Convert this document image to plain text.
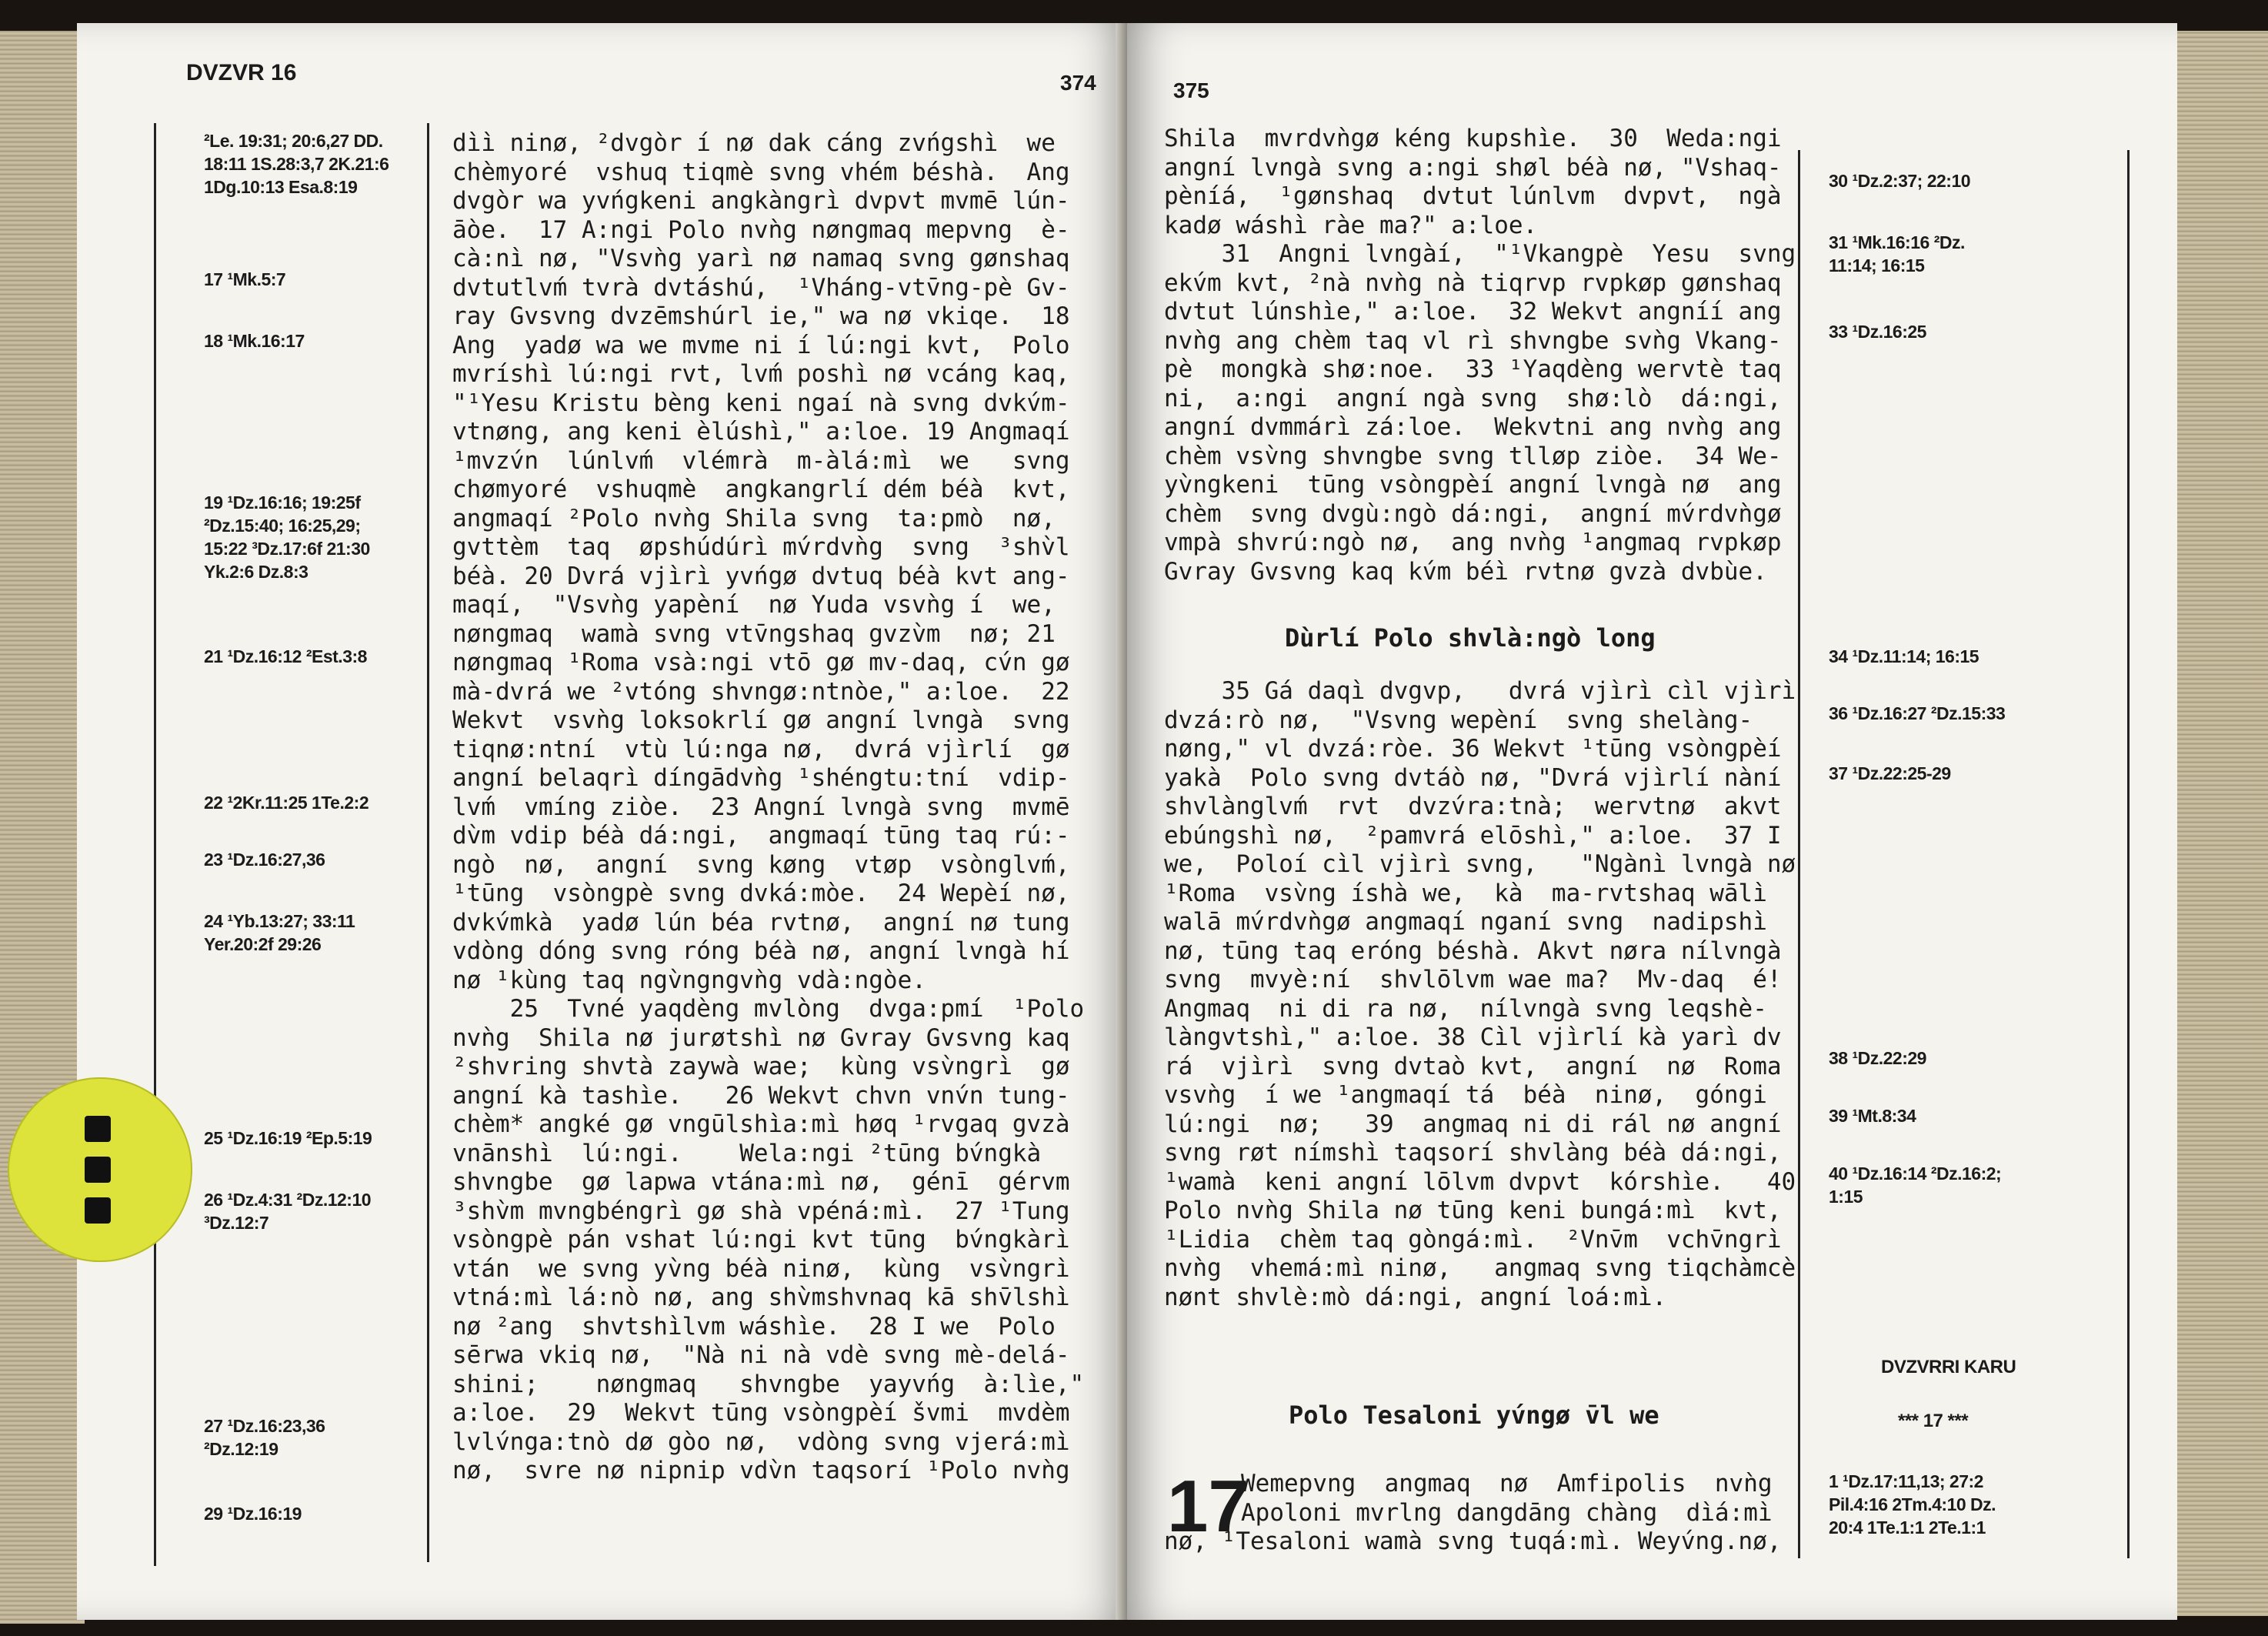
DVZVR 16	374
²Le. 19:31; 20:6,27 DD.
18:11 1S.28:3,7 2K.21:6
1Dg.10:13 Esa.8:19
17 ¹Mk.5:7
18 ¹Mk.16:17
19 ¹Dz.16:16; 19:25f
²Dz.15:40; 16:25,29;
15:22 ³Dz.17:6f 21:30
Yk.2:6 Dz.8:3
21 ¹Dz.16:12 ²Est.3:8
22 ¹2Kr.11:25 1Te.2:2
23 ¹Dz.16:27,36
24 ¹Yb.13:27; 33:11
Yer.20:2f 29:26
25 ¹Dz.16:19 ²Ep.5:19
26 ¹Dz.4:31 ²Dz.12:10
³Dz.12:7
27 ¹Dz.16:23,36
²Dz.12:19
29 ¹Dz.16:19
dìì ninø, ²dvgòr í nø dak cáng zvńgshì  we
chèmyoré  vshuq tiqmè svng vhém béshà.  Ang
dvgòr wa yvńgkeni angkàngrì dvpvt mvmē lún-
āòe.  17 A:ngi Polo nvǹg nøngmaq mepvng  è-
cà:nì nø, "Vsvǹg yarì nø namaq svng gønshaq
dvtutlvḿ tvrà dvtáshú,  ¹Vháng-vtv̄ng-pè Gv-
ray Gvsvng dvzēmshúrl ie," wa nø vkiqe.  18
Ang  yadø wa we mvme ni í lú:ngi kvt,  Polo
mvríshì lú:ngi rvt, lvḿ poshì nø vcáng kaq,
"¹Yesu Kristu bèng keni ngaí nà svng dvkv́m-
vtnøng, ang keni èlúshì," a:loe. 19 Angmaqí
¹mvzv́n  lúnlvḿ  vlémrà  m-àlá:mì  we   svng
chømyoré  vshuqmè  angkangrlí dém béà  kvt,
angmaqí ²Polo nvǹg Shila svng  ta:pmò  nø,
gvttèm  taq  øpshúdúrì mv́rdvǹg  svng  ³shv̀l
béà. 20 Dvrá vjìrì yvńgø dvtuq béà kvt ang-
maqí,  "Vsvǹg yapèní  nø Yuda vsvǹg í  we,
nøngmaq  wamà svng vtv̄ngshaq gvzv̀m  nø; 21
nøngmaq ¹Roma vsà:ngi vtō gø mv-daq, cv́n gø
mà-dvrá we ²vtóng shvngø:ntnòe," a:loe.  22
Wekvt  vsvǹg loksokrlí gø angní lvngà  svng
tiqnø:ntní  vtù lú:nga nø,  dvrá vjìrlí  gø
angní belaqrì díngādvǹg ¹shéngtu:tní  vdip-
lvḿ  vmíng ziòe.  23 Angní lvngà svng  mvmē
dv̀m vdip béà dá:ngi,  angmaqí tūng taq rú:-
ngò  nø,  angní  svng køng  vtøp  vsònglvḿ,
¹tūng  vsòngpè svng dvká:mòe.  24 Wepèí nø,
dvkv́mkà  yadø lún béa rvtnø,  angní nø tung
vdòng dóng svng róng béà nø, angní lvngà hí
nø ¹kùng taq ngv̀ngngvǹg vdà:ngòe.
25  Tvné yaqdèng mvlòng  dvga:pmí  ¹Polo
nvǹg  Shila nø jurøtshì nø Gvray Gvsvng kaq
²shvring shvtà zaywà wae;  kùng vsv̀ngrì  gø
angní kà tashìe.   26 Wekvt chvn vnv́n tung-
chèm* angké gø vngūlshìa:mì høq ¹rvgaq gvzà
vnānshì  lú:ngi.    Wela:ngi ²tūng bv́ngkà
shvngbe  gø lapwa vtána:mì nø,  génī  gérvm
³shv̀m mvngbéngrì gø shà vpéná:mì.  27 ¹Tung
vsòngpè pán vshat lú:ngi kvt tūng  bv́ngkàrì
vtán  we svng yv̀ng béà ninø,  kùng  vsv̀ngrì
vtná:mì lá:nò nø, ang shv̀mshvnaq kā shv̄lshì
nø ²ang  shvtshìlvm wáshìe.  28 I we  Polo
sērwa vkiq nø,  "Nà ni nà vdè svng mè-delá-
shini;    nøngmaq   shvngbe  yayvńg  à:lìe,"
a:loe.  29  Wekvt tūng vsòngpèí švmi  mvdèm
lvlv́nga:tnò dø gòo nø,  vdòng svng vjerá:mì
nø,  svre nø nipnip vdv̀n taqsorí ¹Polo nvǹg
375
Shila  mvrdvǹgø kéng kupshìe.  30  Weda:ngi
angní lvngà svng a:ngi shøl béà nø, "Vshaq-
pèníá,  ¹gønshaq  dvtut lúnlvm  dvpvt,  ngà
kadø wáshì ràe ma?" a:loe.
31  Angni lvngàí,  "¹Vkangpè  Yesu  svng
ekv́m kvt, ²nà nvǹg nà tiqrvp rvpkøp gønshaq
dvtut lúnshìe," a:loe.  32 Wekvt angníí ang
nvǹg ang chèm taq vl rì shvngbe svǹg Vkang-
pè  mongkà shø:noe.  33 ¹Yaqdèng wervtè taq
ni,  a:ngi  angní ngà svng  shø:lò  dá:ngi,
angní dvmmárì zá:loe.  Wekvtni ang nvǹg ang
chèm vsv̀ng shvngbe svng tlløp ziòe.  34 We-
yv̀ngkeni  tūng vsòngpèí angní lvngà nø  ang
chèm  svng dvgù:ngò dá:ngi,  angní mv́rdvǹgø
vmpà shvrú:ngò nø,  ang nvǹg ¹angmaq rvpkøp
Gvray Gvsvng kaq kv́m béì rvtnø gvzà dvbùe.
Dùrlí Polo shvlà:ngò long
35 Gá daqì dvgvp,   dvrá vjìrì cìl vjìrì
dvzá:rò nø,  "Vsvng wepèní  svng shelàng-
nøng," vl dvzá:ròe. 36 Wekvt ¹tūng vsòngpèí
yakà  Polo svng dvtáò nø, "Dvrá vjìrlí nàní
shvlànglvḿ  rvt  dvzv́ra:tnà;  wervtnø  akvt
ebúngshì nø,  ²pamvrá elōshì," a:loe.  37 I
we,  Poloí cìl vjìrì svng,   "Ngànì lvngà nø
¹Roma  vsv̀ng íshà we,  kà  ma-rvtshaq wālì
walā mv́rdvǹgø angmaqí nganí svng  nadipshì
nø, tūng taq eróng béshà. Akvt nøra nílvngà
svng  mvyè:ní  shvlōlvm wae ma?  Mv-daq  é!
Angmaq  ni di ra nø,  nílvngà svng leqshè-
làngvtshì," a:loe. 38 Cìl vjìrlí kà yarì dv
rá  vjìrì  svng dvtaò kvt,  angní  nø  Roma
vsvǹg  í we ¹angmaqí tá  béà  ninø,  góngi
lú:ngi  nø;   39  angmaq ni di rál nø angní
svng røt nímshì taqsorí shvlàng béà dá:ngi,
¹wamà  keni angní lōlvm dvpvt  kórshìe.   40
Polo nvǹg Shila nø tūng keni bungá:mì  kvt,
¹Lidia  chèm taq gòngá:mì.  ²Vnv̄m  vchv̄ngrì
nvǹg  vhemá:mì ninø,   angmaq svng tiqchàmcè
nønt shvlè:mò dá:ngi, angní loá:mì.
Polo Tesaloni yv́ngø v̄l we
17
Wemepvng  angmaq  nø  Amfipolis  nvǹg
Apoloni mvrlng dangdāng chàng  dìá:mì
nø, ¹Tesaloni wamà svng tuqá:mì. Weyv́ng.nø,
30 ¹Dz.2:37; 22:10
31 ¹Mk.16:16 ²Dz.
11:14; 16:15
33 ¹Dz.16:25
34 ¹Dz.11:14; 16:15
36 ¹Dz.16:27 ²Dz.15:33
37 ¹Dz.22:25-29
38 ¹Dz.22:29
39 ¹Mt.8:34
40 ¹Dz.16:14 ²Dz.16:2;
1:15
DVZVRRI KARU
*** 17 ***
1 ¹Dz.17:11,13; 27:2
Pil.4:16 2Tm.4:10 Dz.
20:4 1Te.1:1 2Te.1:1
